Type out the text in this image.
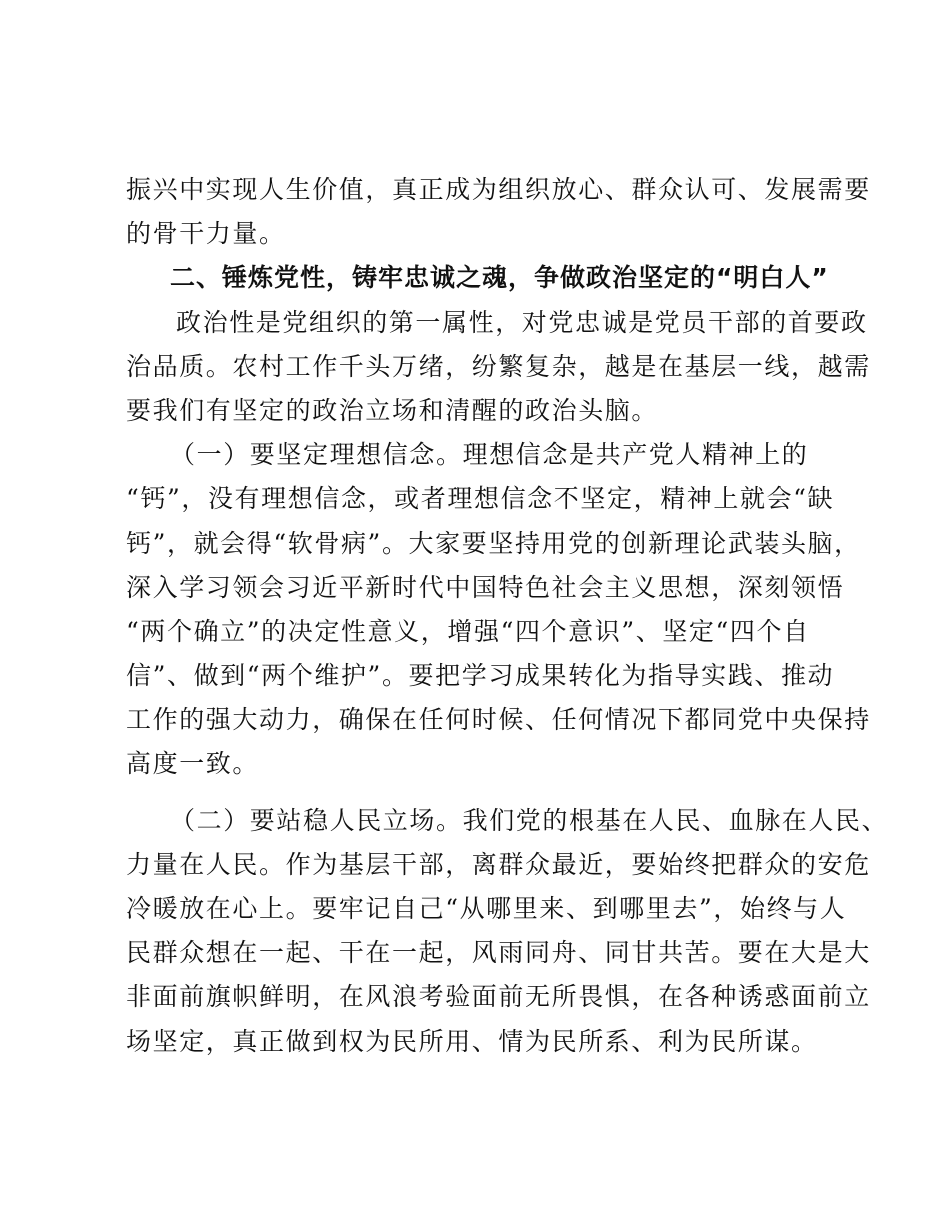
振兴中实现人生价值，真正成为组织放心、群众认可、发展需要
的骨干力量。
二、锤炼党性，铸牢忠诚之魂，争做政治坚定的“明白人”
政治性是党组织的第一属性，对党忠诚是党员干部的首要政
治品质。农村工作千头万绪，纷繁复杂，越是在基层一线，越需
要我们有坚定的政治立场和清醒的政治头脑。
（一）要坚定理想信念。理想信念是共产党人精神上的
“钙”，没有理想信念，或者理想信念不坚定，精神上就会“缺
钙”，就会得“软骨病”。大家要坚持用党的创新理论武装头脑，
深入学习领会习近平新时代中国特色社会主义思想，深刻领悟
“两个确立”的决定性意义，增强“四个意识”、坚定“四个自
信”、做到“两个维护”。要把学习成果转化为指导实践、推动
工作的强大动力，确保在任何时候、任何情况下都同党中央保持
高度一致。
（二）要站稳人民立场。我们党的根基在人民、血脉在人民、
力量在人民。作为基层干部，离群众最近，要始终把群众的安危
冷暖放在心上。要牢记自己“从哪里来、到哪里去”，始终与人
民群众想在一起、干在一起，风雨同舟、同甘共苦。要在大是大
非面前旗帜鲜明，在风浪考验面前无所畏惧，在各种诱惑面前立
场坚定，真正做到权为民所用、情为民所系、利为民所谋。
